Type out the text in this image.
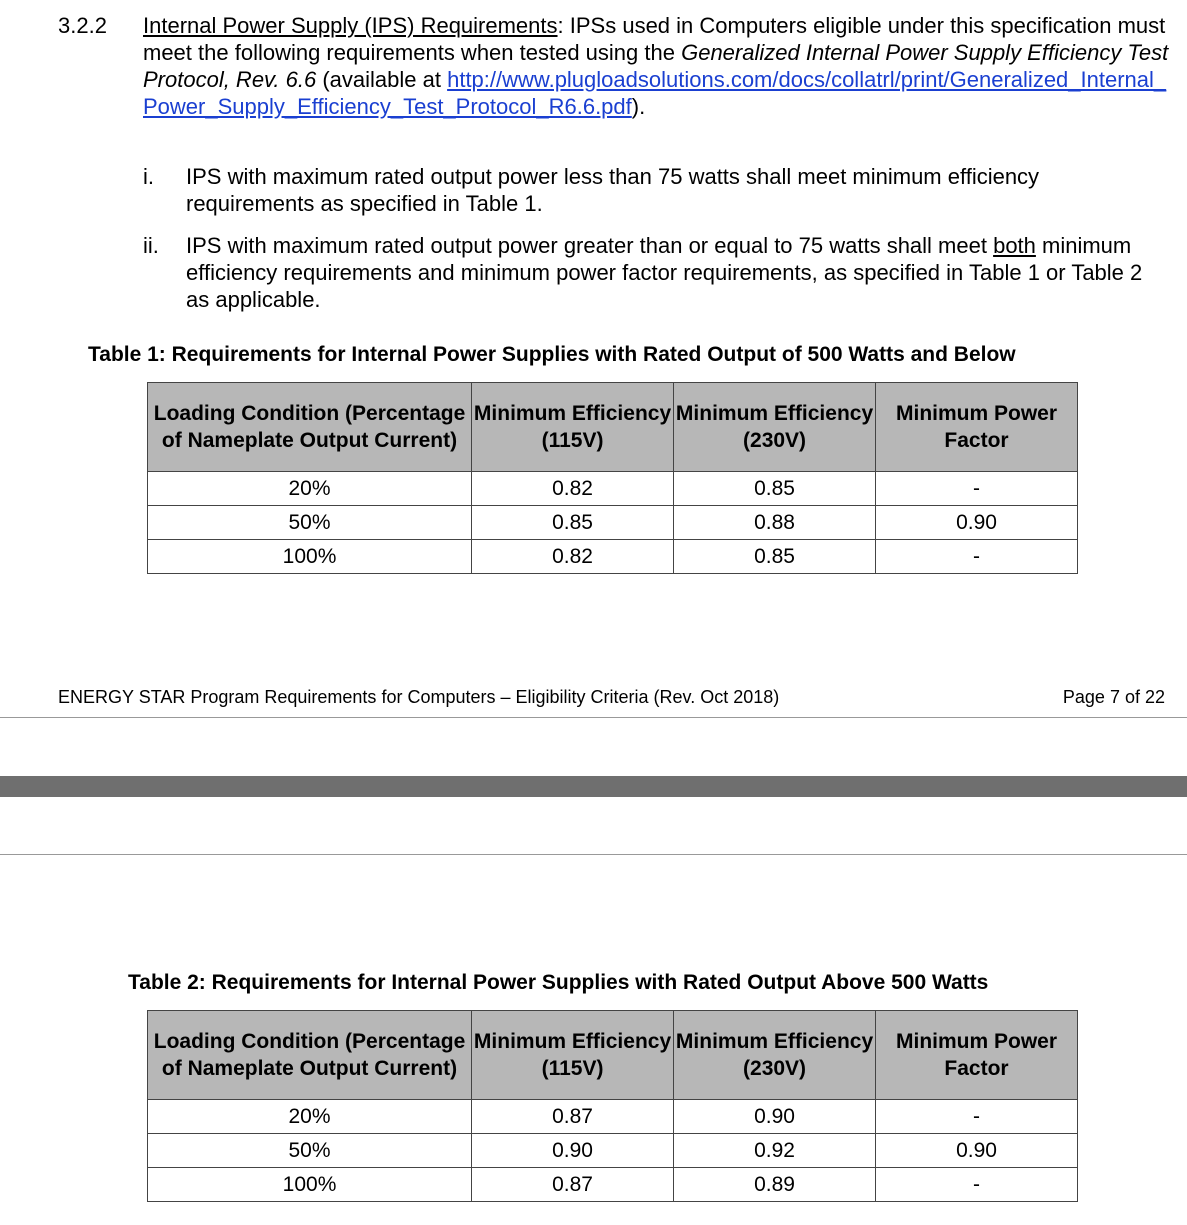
3.2.2 Internal Power Supply (IPS) Requirements: IPSs used in Computers eligible under this specification must meet the following requirements when tested using the Generalized Internal Power Supply Efficiency Test Protocol, Rev. 6.6 (available at http://www.plugloadsolutions.com/docs/collatrl/print/Generalized_Internal_Power_Supply_Efficiency_Test_Protocol_R6.6.pdf).
i. IPS with maximum rated output power less than 75 watts shall meet minimum efficiency requirements as specified in Table 1.
ii. IPS with maximum rated output power greater than or equal to 75 watts shall meet both minimum efficiency requirements and minimum power factor requirements, as specified in Table 1 or Table 2 as applicable.
Table 1: Requirements for Internal Power Supplies with Rated Output of 500 Watts and Below
Loading Condition (Percentage of Nameplate Output Current)	Minimum Efficiency (115V)	Minimum Efficiency (230V)	Minimum Power Factor
20%	0.82	0.85	-
50%	0.85	0.88	0.90
100%	0.82	0.85	-
ENERGY STAR Program Requirements for Computers – Eligibility Criteria (Rev. Oct 2018)	Page 7 of 22
Table 2: Requirements for Internal Power Supplies with Rated Output Above 500 Watts
Loading Condition (Percentage of Nameplate Output Current)	Minimum Efficiency (115V)	Minimum Efficiency (230V)	Minimum Power Factor
20%	0.87	0.90	-
50%	0.90	0.92	0.90
100%	0.87	0.89	-
